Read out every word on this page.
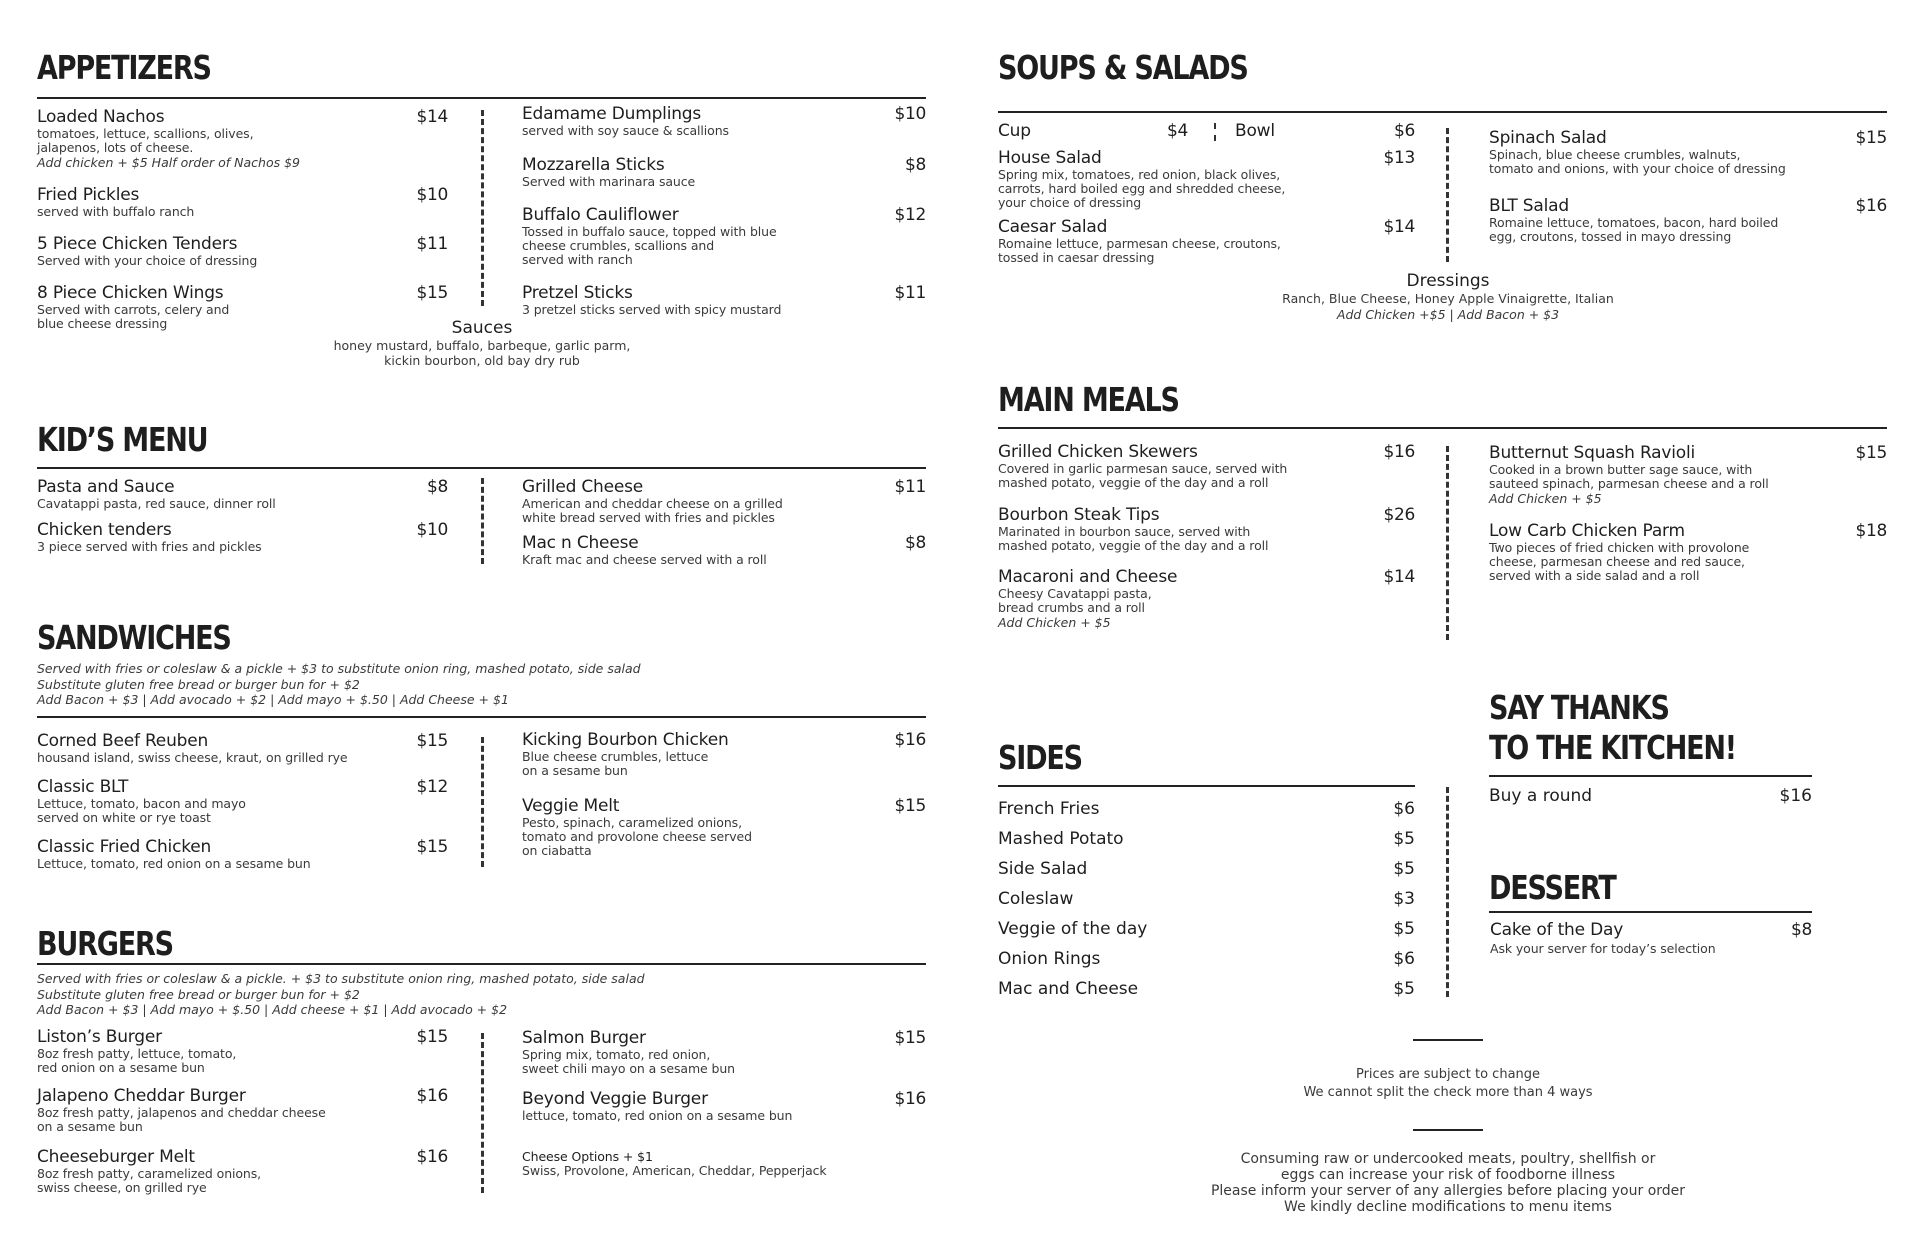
APPETIZERS
Loaded Nachos	$14
tomatoes, lettuce, scallions, olives,
jalapenos, lots of cheese.
Add chicken + $5 Half order of Nachos $9
Fried Pickles	$10
served with buffalo ranch
5 Piece Chicken Tenders	$11
Served with your choice of dressing
8 Piece Chicken Wings	$15
Served with carrots, celery and
blue cheese dressing
Edamame Dumplings	$10
served with soy sauce & scallions
Mozzarella Sticks	$8
Served with marinara sauce
Buffalo Cauliflower	$12
Tossed in buffalo sauce, topped with blue
cheese crumbles, scallions and
served with ranch
Pretzel Sticks	$11
3 pretzel sticks served with spicy mustard
Sauces
honey mustard, buffalo, barbeque, garlic parm,
kickin bourbon, old bay dry rub
KID’S MENU
Pasta and Sauce	$8
Cavatappi pasta, red sauce, dinner roll
Chicken tenders	$10
3 piece served with fries and pickles
Grilled Cheese	$11
American and cheddar cheese on a grilled
white bread served with fries and pickles
Mac n Cheese	$8
Kraft mac and cheese served with a roll
SANDWICHES
Served with fries or coleslaw & a pickle + $3 to substitute onion ring, mashed potato, side salad
Substitute gluten free bread or burger bun for + $2
Add Bacon + $3 | Add avocado + $2 | Add mayo + $.50 | Add Cheese + $1
Corned Beef Reuben	$15
housand island, swiss cheese, kraut, on grilled rye
Classic BLT	$12
Lettuce, tomato, bacon and mayo
served on white or rye toast
Classic Fried Chicken	$15
Lettuce, tomato, red onion on a sesame bun
Kicking Bourbon Chicken	$16
Blue cheese crumbles, lettuce
on a sesame bun
Veggie Melt	$15
Pesto, spinach, caramelized onions,
tomato and provolone cheese served
on ciabatta
BURGERS
Served with fries or coleslaw & a pickle. + $3 to substitute onion ring, mashed potato, side salad
Substitute gluten free bread or burger bun for + $2
Add Bacon + $3 | Add mayo + $.50 | Add cheese + $1 | Add avocado + $2
Liston’s Burger	$15
8oz fresh patty, lettuce, tomato,
red onion on a sesame bun
Jalapeno Cheddar Burger	$16
8oz fresh patty, jalapenos and cheddar cheese
on a sesame bun
Cheeseburger Melt	$16
8oz fresh patty, caramelized onions,
swiss cheese, on grilled rye
Salmon Burger	$15
Spring mix, tomato, red onion,
sweet chili mayo on a sesame bun
Beyond Veggie Burger	$16
lettuce, tomato, red onion on a sesame bun
Cheese Options + $1
Swiss, Provolone, American, Cheddar, Pepperjack
SOUPS & SALADS
Cup	$4	Bowl	$6
House Salad	$13
Spring mix, tomatoes, red onion, black olives,
carrots, hard boiled egg and shredded cheese,
your choice of dressing
Caesar Salad	$14
Romaine lettuce, parmesan cheese, croutons,
tossed in caesar dressing
Spinach Salad	$15
Spinach, blue cheese crumbles, walnuts,
tomato and onions, with your choice of dressing
BLT Salad	$16
Romaine lettuce, tomatoes, bacon, hard boiled
egg, croutons, tossed in mayo dressing
Dressings
Ranch, Blue Cheese, Honey Apple Vinaigrette, Italian
Add Chicken +$5 | Add Bacon + $3
MAIN MEALS
Grilled Chicken Skewers	$16
Covered in garlic parmesan sauce, served with
mashed potato, veggie of the day and a roll
Bourbon Steak Tips	$26
Marinated in bourbon sauce, served with
mashed potato, veggie of the day and a roll
Macaroni and Cheese	$14
Cheesy Cavatappi pasta,
bread crumbs and a roll
Add Chicken + $5
Butternut Squash Ravioli	$15
Cooked in a brown butter sage sauce, with
sauteed spinach, parmesan cheese and a roll
Add Chicken + $5
Low Carb Chicken Parm	$18
Two pieces of fried chicken with provolone
cheese, parmesan cheese and red sauce,
served with a side salad and a roll
SIDES
French Fries	$6
Mashed Potato	$5
Side Salad	$5
Coleslaw	$3
Veggie of the day	$5
Onion Rings	$6
Mac and Cheese	$5
SAY THANKS
TO THE KITCHEN!
Buy a round	$16
DESSERT
Cake of the Day	$8
Ask your server for today’s selection
Prices are subject to change
We cannot split the check more than 4 ways
Consuming raw or undercooked meats, poultry, shellfish or
eggs can increase your risk of foodborne illness
Please inform your server of any allergies before placing your order
We kindly decline modifications to menu items
